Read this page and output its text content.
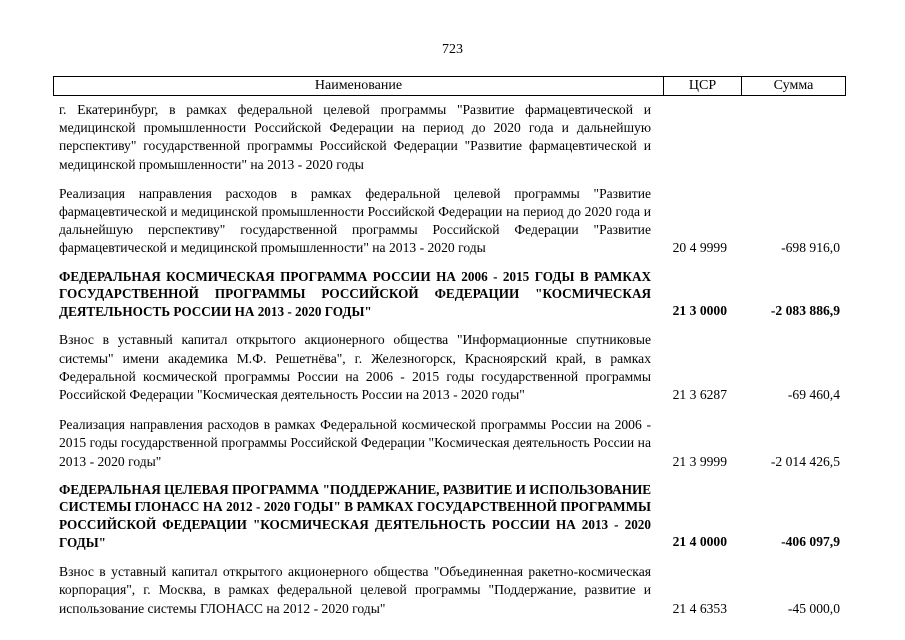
723
Наименование	ЦСР	Сумма
г. Екатеринбург, в рамках федеральной целевой программы "Развитие фармацевтической и медицинской промышленности Российской Федерации на период до 2020 года и дальнейшую перспективу" государственной программы Российской Федерации "Развитие фармацевтической и медицинской промышленности" на 2013 - 2020 годы
Реализация направления расходов в рамках федеральной целевой программы "Развитие фармацевтической и медицинской промышленности Российской Федерации на период до 2020 года и дальнейшую перспективу" государственной программы Российской Федерации "Развитие фармацевтической и медицинской промышленности" на 2013 - 2020 годы	20 4 9999	-698 916,0
ФЕДЕРАЛЬНАЯ КОСМИЧЕСКАЯ ПРОГРАММА РОССИИ НА 2006 - 2015 ГОДЫ В РАМКАХ ГОСУДАРСТВЕННОЙ ПРОГРАММЫ РОССИЙСКОЙ ФЕДЕРАЦИИ "КОСМИЧЕСКАЯ ДЕЯТЕЛЬНОСТЬ РОССИИ НА 2013 - 2020 ГОДЫ"	21 3 0000	-2 083 886,9
Взнос в уставный капитал открытого акционерного общества "Информационные спутниковые системы" имени академика М.Ф. Решетнёва", г. Железногорск, Красноярский край, в рамках Федеральной космической программы России на 2006 - 2015 годы государственной программы Российской Федерации "Космическая деятельность России на 2013 - 2020 годы"	21 3 6287	-69 460,4
Реализация направления расходов в рамках Федеральной космической программы России на 2006 - 2015 годы государственной программы Российской Федерации "Космическая деятельность России на 2013 - 2020 годы"	21 3 9999	-2 014 426,5
ФЕДЕРАЛЬНАЯ ЦЕЛЕВАЯ ПРОГРАММА "ПОДДЕРЖАНИЕ, РАЗВИТИЕ И ИСПОЛЬЗОВАНИЕ СИСТЕМЫ ГЛОНАСС НА 2012 - 2020 ГОДЫ" В РАМКАХ ГОСУДАРСТВЕННОЙ ПРОГРАММЫ РОССИЙСКОЙ ФЕДЕРАЦИИ "КОСМИЧЕСКАЯ ДЕЯТЕЛЬНОСТЬ РОССИИ НА 2013 - 2020 ГОДЫ"	21 4 0000	-406 097,9
Взнос в уставный капитал открытого акционерного общества "Объединенная ракетно-космическая корпорация", г. Москва, в рамках федеральной целевой программы "Поддержание, развитие и использование системы ГЛОНАСС на 2012 - 2020 годы"	21 4 6353	-45 000,0
